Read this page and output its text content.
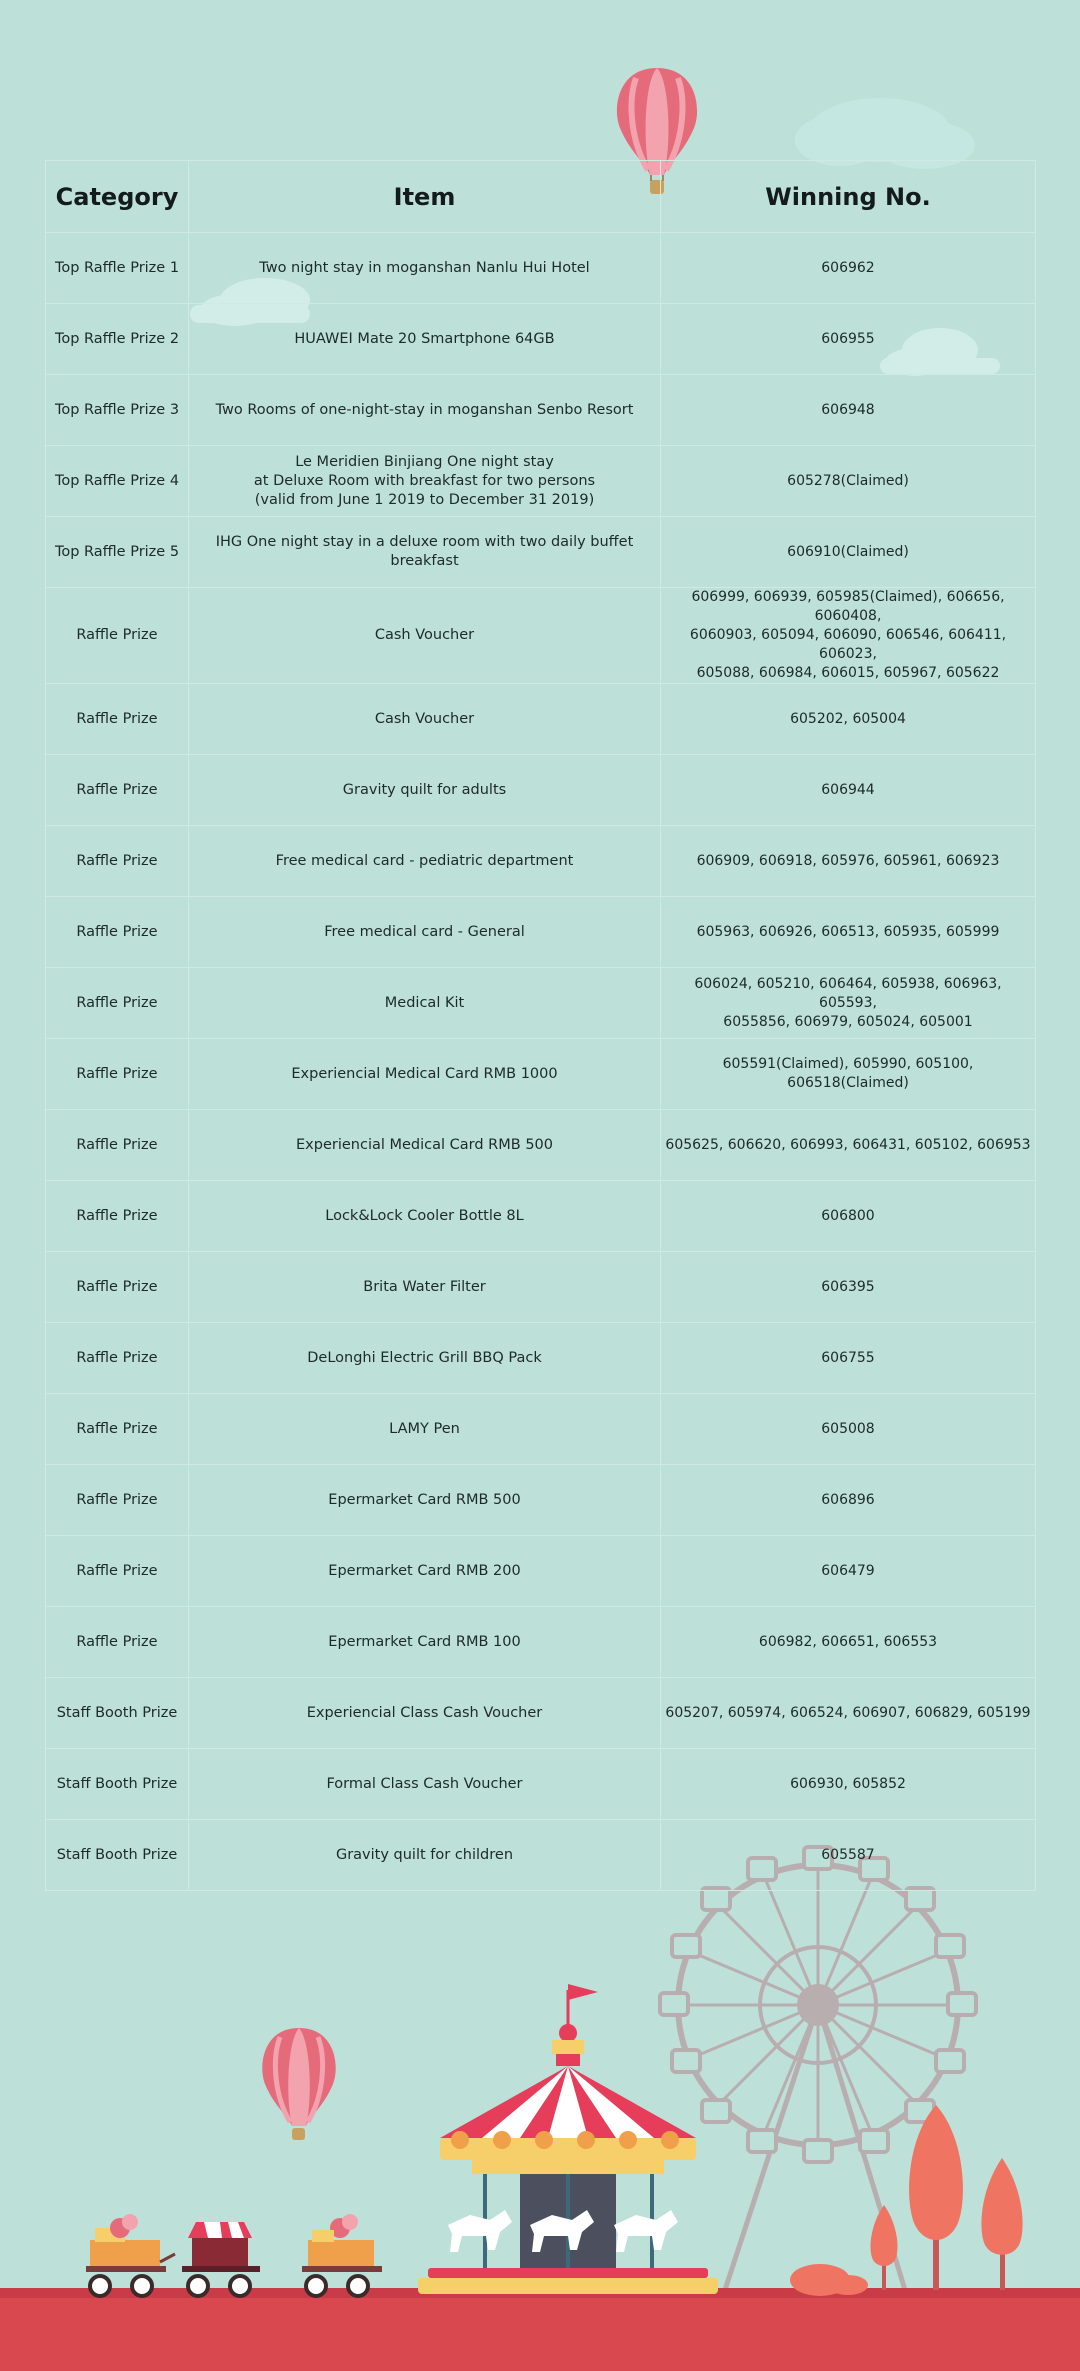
Category	Item	Winning No.
Top Raffle Prize 1	Two night stay in moganshan Nanlu Hui Hotel	606962
Top Raffle Prize 2	HUAWEI Mate 20 Smartphone 64GB	606955
Top Raffle Prize 3	Two Rooms of one-night-stay in moganshan Senbo Resort	606948
Top Raffle Prize 4	Le Meridien Binjiang One night stay
at Deluxe Room with breakfast for two persons
(valid from June 1 2019 to December 31 2019)	605278(Claimed)
Top Raffle Prize 5	IHG One night stay in a deluxe room with two daily buffet breakfast	606910(Claimed)
Raffle Prize	Cash Voucher	606999, 606939, 605985(Claimed), 606656, 6060408,
6060903, 605094, 606090, 606546, 606411, 606023,
605088, 606984, 606015, 605967, 605622
Raffle Prize	Cash Voucher	605202, 605004
Raffle Prize	Gravity quilt for adults	606944
Raffle Prize	Free medical card - pediatric department	606909, 606918, 605976, 605961, 606923
Raffle Prize	Free medical card - General	605963, 606926, 606513, 605935, 605999
Raffle Prize	Medical Kit	606024, 605210, 606464, 605938, 606963, 605593,
6055856, 606979, 605024, 605001
Raffle Prize	Experiencial Medical Card RMB 1000	605591(Claimed), 605990, 605100, 606518(Claimed)
Raffle Prize	Experiencial Medical Card RMB 500	605625, 606620, 606993, 606431, 605102, 606953
Raffle Prize	Lock&Lock Cooler Bottle 8L	606800
Raffle Prize	Brita Water Filter	606395
Raffle Prize	DeLonghi Electric Grill BBQ Pack	606755
Raffle Prize	LAMY Pen	605008
Raffle Prize	Epermarket Card RMB 500	606896
Raffle Prize	Epermarket Card RMB 200	606479
Raffle Prize	Epermarket Card RMB 100	606982, 606651, 606553
Staff Booth Prize	Experiencial Class Cash Voucher	605207, 605974, 606524, 606907, 606829, 605199
Staff Booth Prize	Formal Class Cash Voucher	606930, 605852
Staff Booth Prize	Gravity quilt for children	605587
